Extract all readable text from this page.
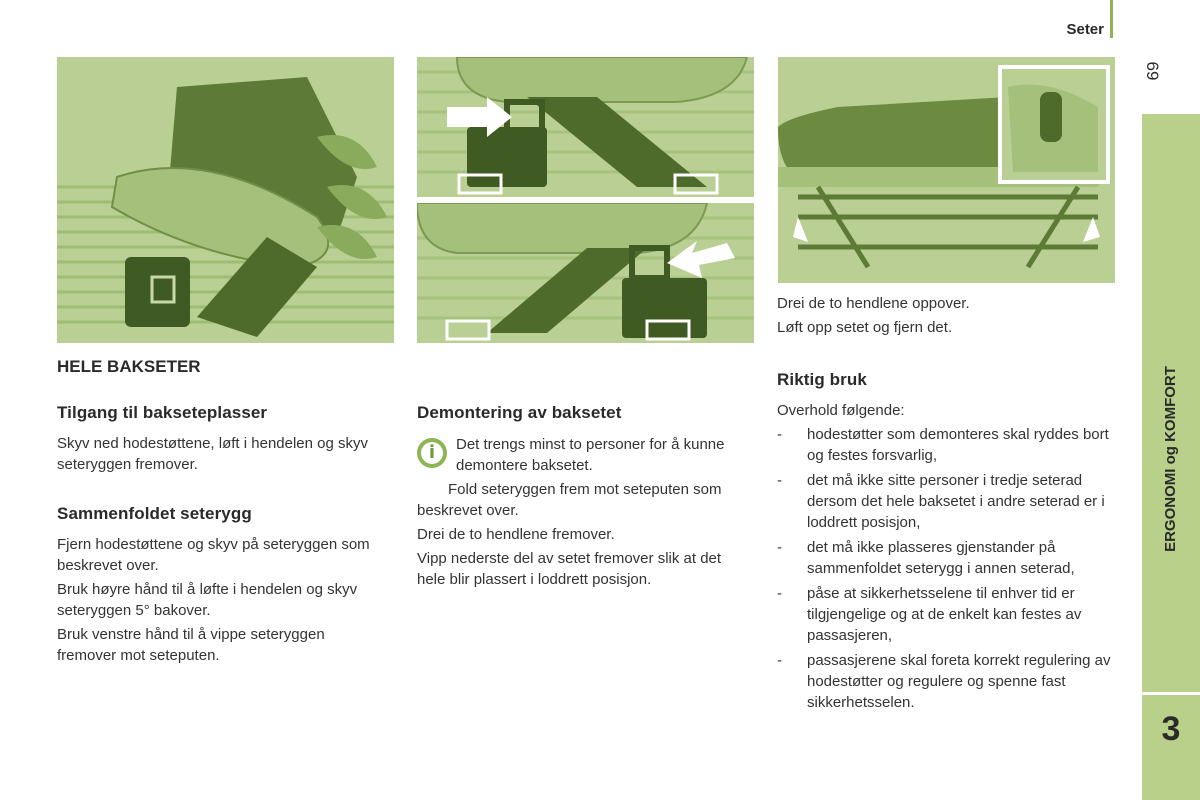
Seter
69
ERGONOMI og KOMFORT
3
HELE BAKSETER
Tilgang til bakseteplasser

Skyv ned hodestøttene, løft i hendelen og skyv seteryggen fremover.

Sammenfoldet seterygg

Fjern hodestøttene og skyv på seteryggen som beskrevet over.

Bruk høyre hånd til å løfte i hendelen og skyv seteryggen 5° bakover.

Bruk venstre hånd til å vippe seteryggen fremover mot seteputen.

Demontering av baksetet
i	Det trengs minst to personer for å kunne demontere baksetet.

Fold seteryggen frem mot seteputen som beskrevet over.

Drei de to hendlene fremover.

Vipp nederste del av setet fremover slik at det hele blir plassert i loddrett posisjon.

Drei de to hendlene oppover.

Løft opp setet og fjern det.

Riktig bruk

Overhold følgende:

- hodestøtter som demonteres skal ryddes bort og festes forsvarlig,
- det må ikke sitte personer i tredje seterad dersom det hele baksetet i andre seterad er i loddrett posisjon,
- det må ikke plasseres gjenstander på sammenfoldet seterygg i annen seterad,
- påse at sikkerhetsselene til enhver tid er tilgjengelige og at de enkelt kan festes av passasjeren,
- passasjerene skal foreta korrekt regulering av hodestøtter og regulere og spenne fast sikkerhetsselen.
